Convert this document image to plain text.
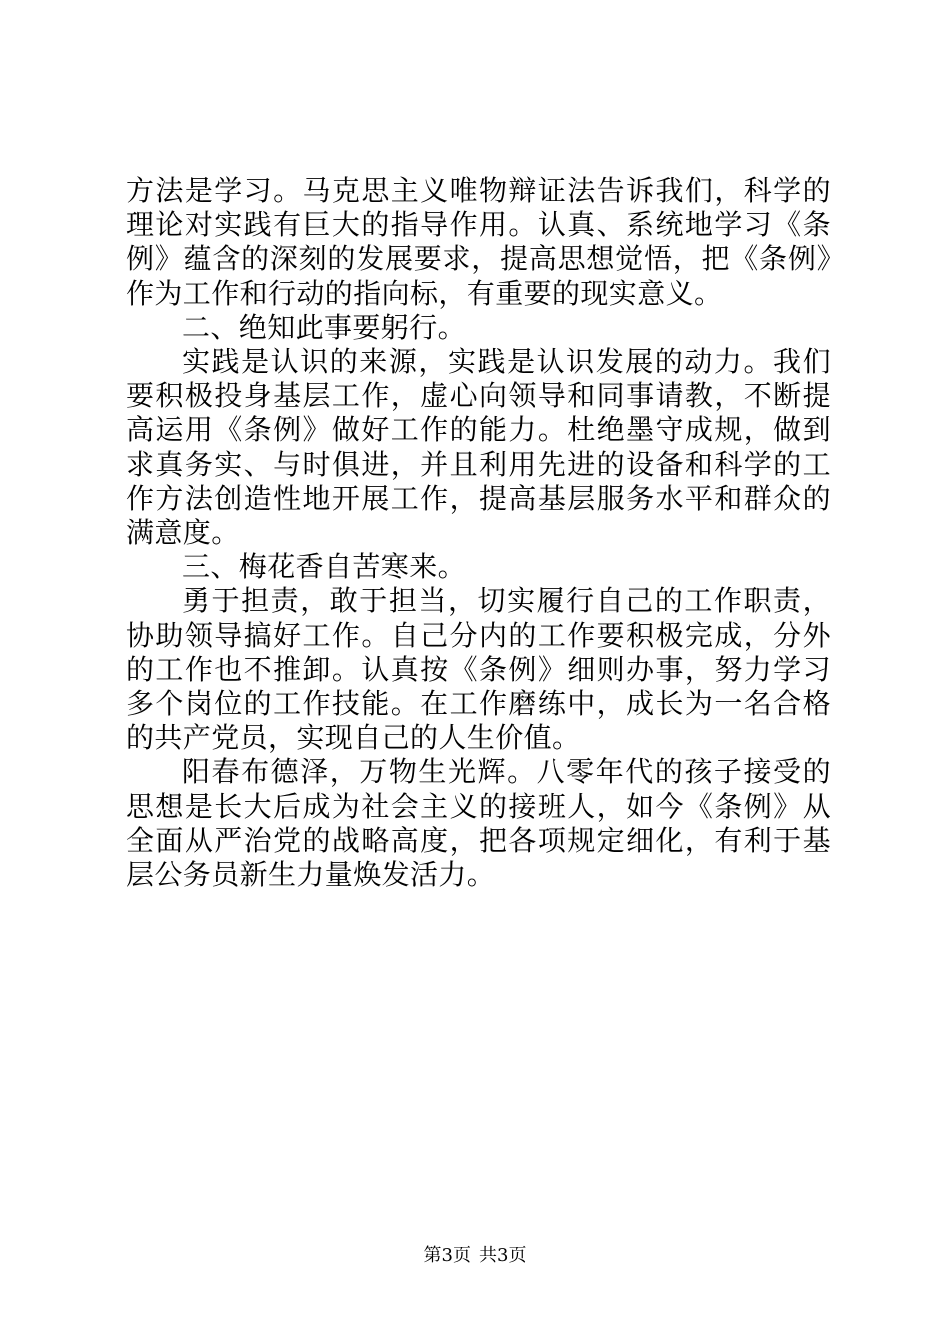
方法是学习。马克思主义唯物辩证法告诉我们，科学的理论对实践有巨大的指导作用。认真、系统地学习《条例》蕴含的深刻的发展要求，提高思想觉悟，把《条例》作为工作和行动的指向标，有重要的现实意义。

二、绝知此事要躬行。

实践是认识的来源，实践是认识发展的动力。我们要积极投身基层工作，虚心向领导和同事请教，不断提高运用《条例》做好工作的能力。杜绝墨守成规，做到求真务实、与时俱进，并且利用先进的设备和科学的工作方法创造性地开展工作，提高基层服务水平和群众的满意度。

三、梅花香自苦寒来。

勇于担责，敢于担当，切实履行自己的工作职责，协助领导搞好工作。自己分内的工作要积极完成，分外的工作也不推卸。认真按《条例》细则办事，努力学习多个岗位的工作技能。在工作磨练中，成长为一名合格的共产党员，实现自己的人生价值。

阳春布德泽，万物生光辉。八零年代的孩子接受的思想是长大后成为社会主义的接班人，如今《条例》从全面从严治党的战略高度，把各项规定细化，有利于基层公务员新生力量焕发活力。

第3页 共3页
